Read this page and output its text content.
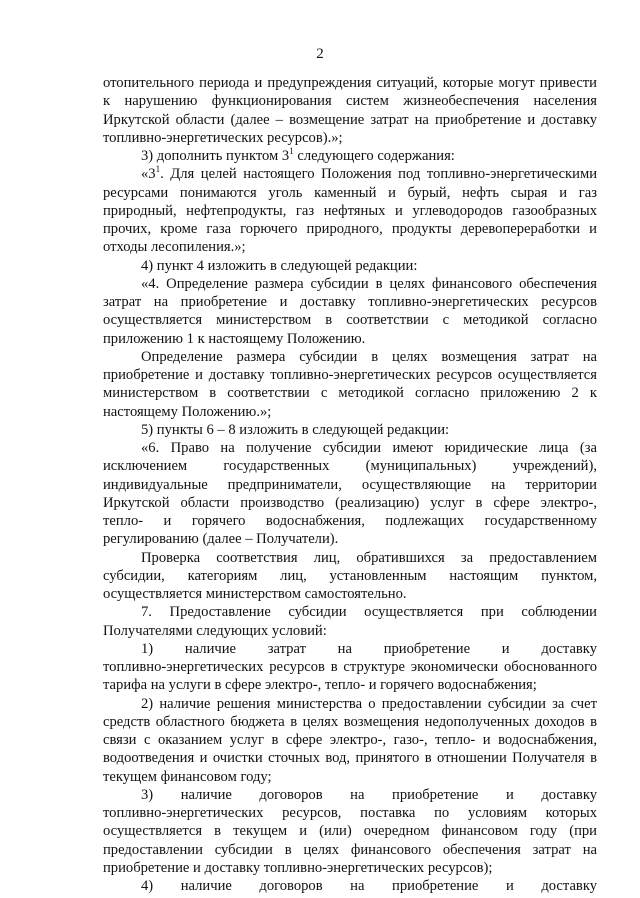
2
отопительного периода и предупреждения ситуаций, которые могут привести
к нарушению функционирования систем жизнеобеспечения населения
Иркутской области (далее – возмещение затрат на приобретение и доставку
топливно-энергетических ресурсов).»;
3) дополнить пунктом $3^1$ следующего содержания:
«$3^1$. Для целей настоящего Положения под топливно-энергетическими
ресурсами понимаются уголь каменный и бурый, нефть сырая и газ
природный, нефтепродукты, газ нефтяных и углеводородов газообразных
прочих, кроме газа горючего природного, продукты деревопереработки и
отходы лесопиления.»;
4) пункт 4 изложить в следующей редакции:
«4. Определение размера субсидии в целях финансового обеспечения
затрат на приобретение и доставку топливно-энергетических ресурсов
осуществляется министерством в соответствии с методикой согласно
приложению 1 к настоящему Положению.
Определение размера субсидии в целях возмещения затрат на
приобретение и доставку топливно-энергетических ресурсов осуществляется
министерством в соответствии с методикой согласно приложению 2 к
настоящему Положению.»;
5) пункты 6 – 8 изложить в следующей редакции:
«6. Право на получение субсидии имеют юридические лица (за
исключением государственных (муниципальных) учреждений),
индивидуальные предприниматели, осуществляющие на территории
Иркутской области производство (реализацию) услуг в сфере электро-,
тепло- и горячего водоснабжения, подлежащих государственному
регулированию (далее – Получатели).
Проверка соответствия лиц, обратившихся за предоставлением
субсидии, категориям лиц, установленным настоящим пунктом,
осуществляется министерством самостоятельно.
7. Предоставление субсидии осуществляется при соблюдении
Получателями следующих условий:
1) наличие затрат на приобретение и доставку
топливно-энергетических ресурсов в структуре экономически обоснованного
тарифа на услуги в сфере электро-, тепло- и горячего водоснабжения;
2) наличие решения министерства о предоставлении субсидии за счет
средств областного бюджета в целях возмещения недополученных доходов в
связи с оказанием услуг в сфере электро-, газо-, тепло- и водоснабжения,
водоотведения и очистки сточных вод, принятого в отношении Получателя в
текущем финансовом году;
3) наличие договоров на приобретение и доставку
топливно-энергетических ресурсов, поставка по условиям которых
осуществляется в текущем и (или) очередном финансовом году (при
предоставлении субсидии в целях финансового обеспечения затрат на
приобретение и доставку топливно-энергетических ресурсов);
4) наличие договоров на приобретение и доставку
